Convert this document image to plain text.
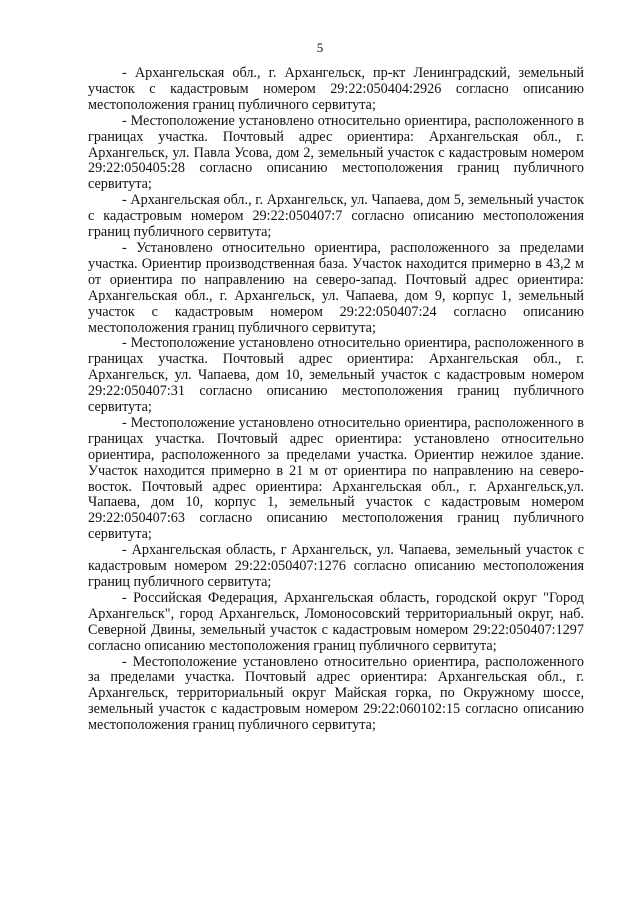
5

- Архангельская обл., г. Архангельск, пр-кт Ленинградский, земельный участок с кадастровым номером 29:22:050404:2926 согласно описанию местоположения границ публичного сервитута;

- Местоположение установлено относительно ориентира, расположенного в границах участка. Почтовый адрес ориентира: Архангельская обл., г. Архангельск, ул. Павла Усова, дом 2, земельный участок с кадастровым номером 29:22:050405:28 согласно описанию местоположения границ публичного сервитута;

- Архангельская обл., г. Архангельск, ул. Чапаева, дом 5, земельный участок с кадастровым номером 29:22:050407:7 согласно описанию местоположения границ публичного сервитута;

- Установлено относительно ориентира, расположенного за пределами участка. Ориентир производственная база. Участок находится примерно в 43,2 м от ориентира по направлению на северо-запад. Почтовый адрес ориентира: Архангельская обл., г. Архангельск, ул. Чапаева, дом 9, корпус 1, земельный участок с кадастровым номером 29:22:050407:24 согласно описанию местоположения границ публичного сервитута;

- Местоположение установлено относительно ориентира, расположенного в границах участка. Почтовый адрес ориентира: Архангельская обл., г. Архангельск, ул. Чапаева, дом 10, земельный участок с кадастровым номером 29:22:050407:31 согласно описанию местоположения границ публичного сервитута;

- Местоположение установлено относительно ориентира, расположенного в границах участка. Почтовый адрес ориентира: установлено относительно ориентира, расположенного за пределами участка. Ориентир нежилое здание. Участок находится примерно в 21 м от ориентира по направлению на северо-восток. Почтовый адрес ориентира: Архангельская обл., г. Архангельск,ул. Чапаева, дом 10, корпус 1, земельный участок с кадастровым номером 29:22:050407:63 согласно описанию местоположения границ публичного сервитута;

- Архангельская область, г Архангельск, ул. Чапаева, земельный участок с кадастровым номером 29:22:050407:1276 согласно описанию местоположения границ публичного сервитута;

- Российская Федерация, Архангельская область, городской округ "Город Архангельск", город Архангельск, Ломоносовский территориальный округ, наб. Северной Двины, земельный участок с кадастровым номером 29:22:050407:1297 согласно описанию местоположения границ публичного сервитута;

- Местоположение установлено относительно ориентира, расположенного за пределами участка. Почтовый адрес ориентира: Архангельская обл., г. Архангельск, территориальный округ Майская горка, по Окружному шоссе, земельный участок с кадастровым номером 29:22:060102:15 согласно описанию местоположения границ публичного сервитута;
